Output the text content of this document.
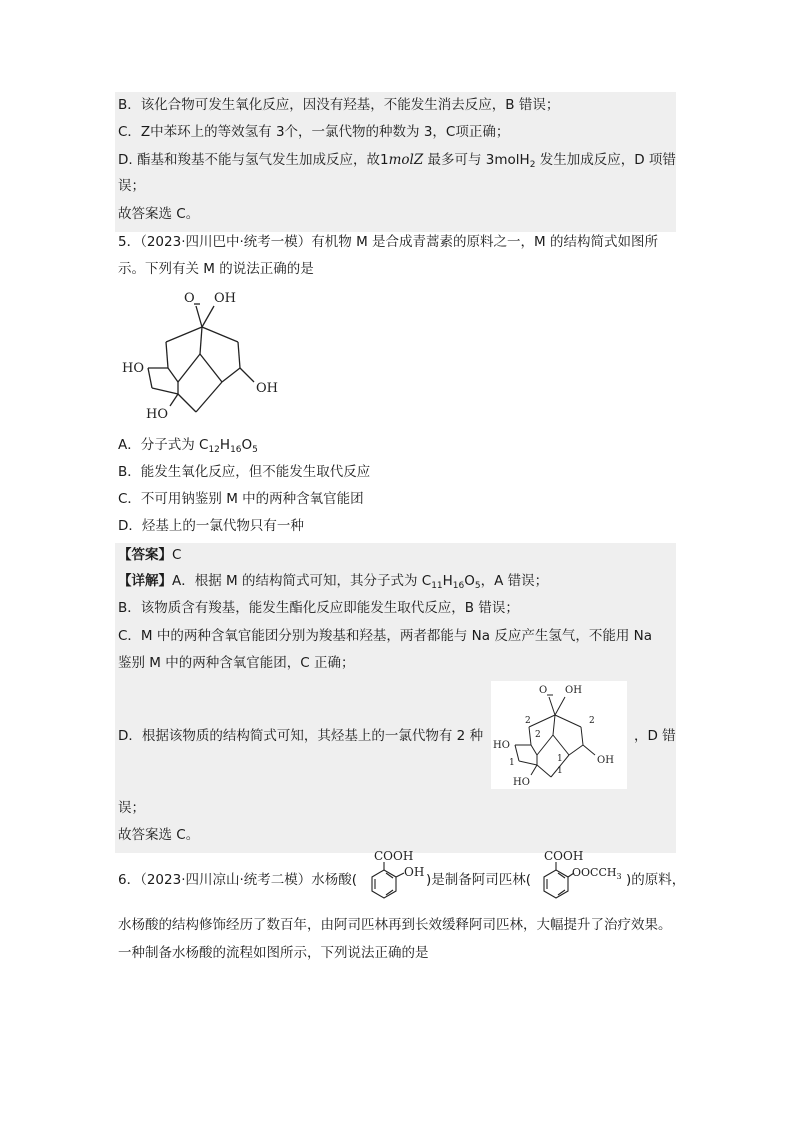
B．该化合物可发生氧化反应，因没有羟基，不能发生消去反应，B 错误；
C．Z中苯环上的等效氢有 3个，一氯代物的种数为 3，C项正确；
D. 酯基和羧基不能与氢气发生加成反应，故1molZ 最多可与 3molH$_2$ 发生加成反应，D 项错
误；
故答案选 C。
5．（2023·四川巴中·统考一模）有机物 M 是合成青蒿素的原料之一，M 的结构简式如图所
示。下列有关 M 的说法正确的是
O OH
HO
OH
HO
A．分子式为 $C_{12}H_{16}O_5$
B．能发生氧化反应，但不能发生取代反应
C．不可用钠鉴别 M 中的两种含氧官能团
D．烃基上的一氯代物只有一种
【答案】C
【详解】A．根据 M 的结构简式可知，其分子式为 $C_{11}H_{16}O_5$，A 错误；
B．该物质含有羧基，能发生酯化反应即能发生取代反应，B 错误；
C．M 中的两种含氧官能团分别为羧基和羟基，两者都能与 Na 反应产生氢气，不能用 Na
鉴别 M 中的两种含氧官能团，C 正确；
D．根据该物质的结构简式可知，其烃基上的一氯代物有 2 种
O OH
HO
OH
HO
2	2
2
1
1
1
，D 错
误；
故答案选 C。
6．（2023·四川凉山·统考二模）水杨酸(
COOH
OH )是制备阿司匹林(
COOH
$OOCCH_3$ )的原料，
水杨酸的结构修饰经历了数百年，由阿司匹林再到长效缓释阿司匹林，大幅提升了治疗效果。
一种制备水杨酸的流程如图所示，下列说法正确的是
